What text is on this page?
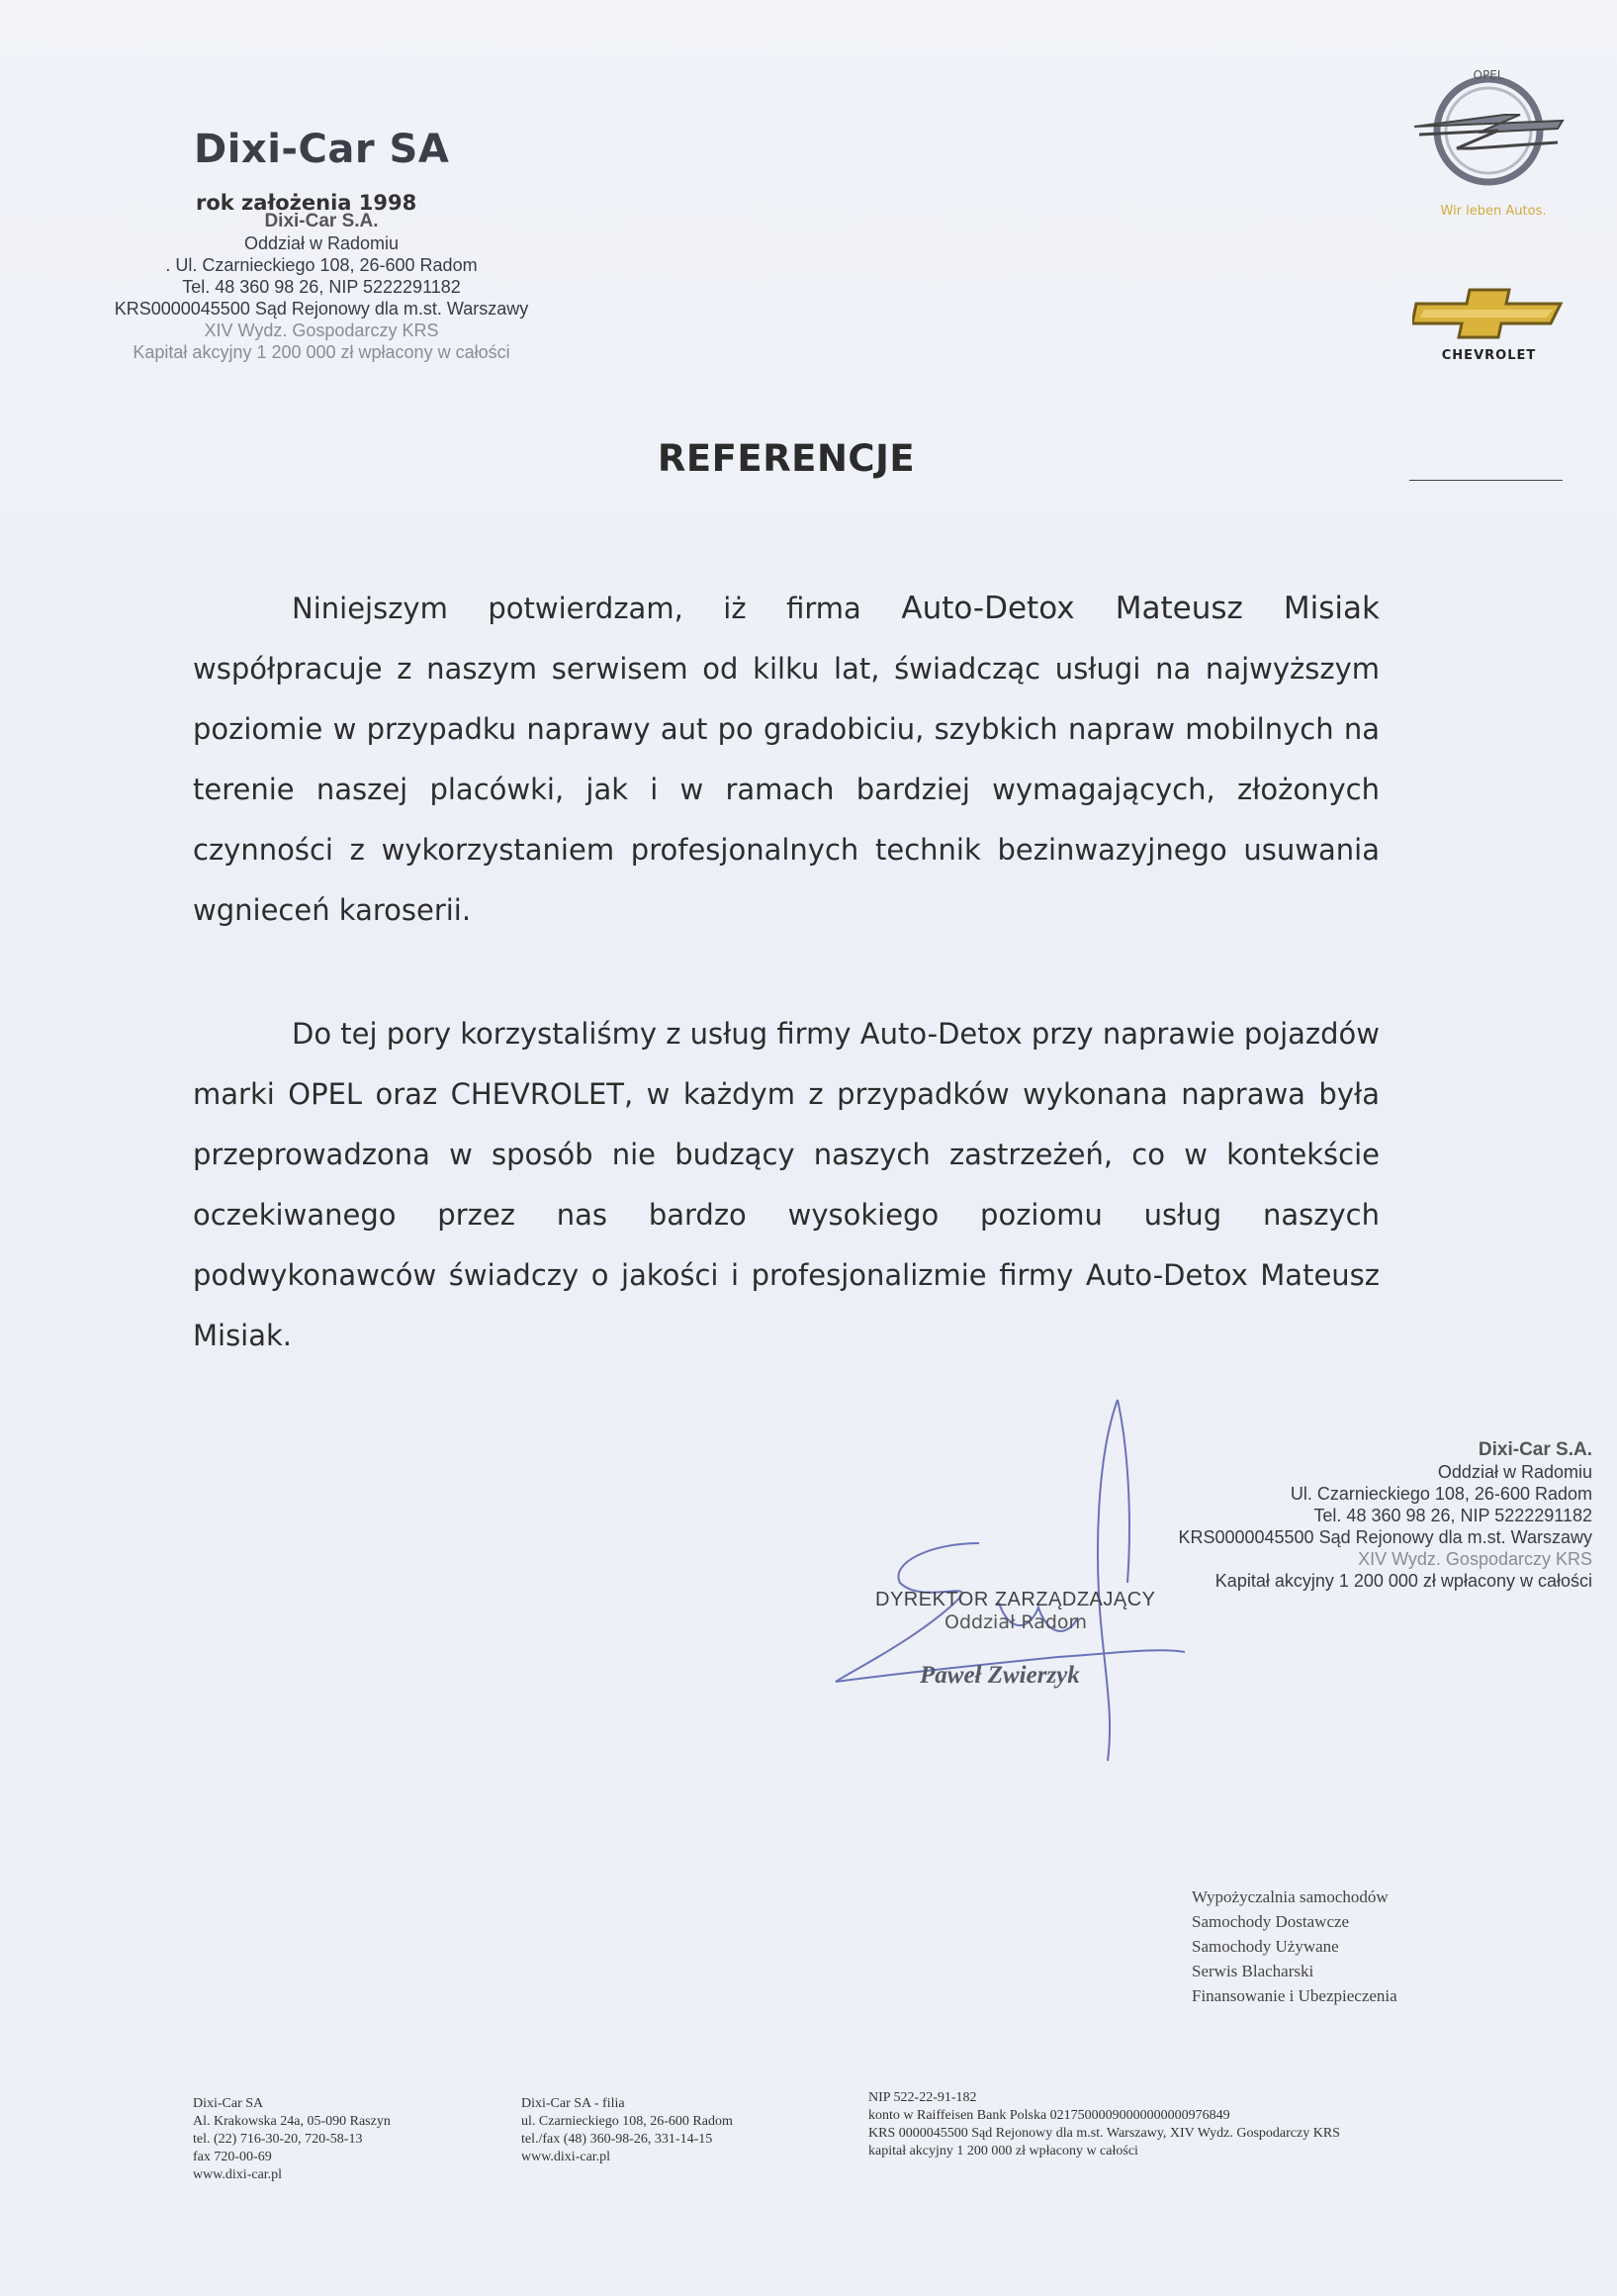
Dixi-Car SA
rok założenia 1998
Dixi-Car S.A.
Oddział w Radomiu
. Ul. Czarnieckiego 108, 26-600 Radom
Tel. 48 360 98 26, NIP 5222291182
KRS0000045500 Sąd Rejonowy dla m.st. Warszawy
XIV Wydz. Gospodarczy KRS
Kapitał akcyjny 1 200 000 zł wpłacony w całości
OPEL
Wir leben Autos.
CHEVROLET
REFERENCJE

Niniejszym potwierdzam, iż firma Auto-Detox Mateusz Misiak współpracuje z naszym serwisem od kilku lat, świadcząc usługi na najwyższym poziomie w przypadku naprawy aut po gradobiciu, szybkich napraw mobilnych na terenie naszej placówki, jak i w ramach bardziej wymagających, złożonych czynności z wykorzystaniem profesjonalnych technik bezinwazyjnego usuwania wgnieceń karoserii.

Do tej pory korzystaliśmy z usług firmy Auto-Detox przy naprawie pojazdów marki OPEL oraz CHEVROLET, w każdym z przypadków wykonana naprawa była przeprowadzona w sposób nie budzący naszych zastrzeżeń, co w kontekście oczekiwanego przez nas bardzo wysokiego poziomu usług naszych podwykonawców świadczy o jakości i profesjonalizmie firmy Auto-Detox Mateusz Misiak.

DYREKTOR ZARZĄDZAJĄCY
Oddział Radom
Paweł Zwierzyk
Dixi-Car S.A.
Oddział w Radomiu
Ul. Czarnieckiego 108, 26-600 Radom
Tel. 48 360 98 26, NIP 5222291182
KRS0000045500 Sąd Rejonowy dla m.st. Warszawy
XIV Wydz. Gospodarczy KRS
Kapitał akcyjny 1 200 000 zł wpłacony w całości
Wypożyczalnia samochodów
Samochody Dostawcze
Samochody Używane
Serwis Blacharski
Finansowanie i Ubezpieczenia
Dixi-Car SA
Al. Krakowska 24a, 05-090 Raszyn
tel. (22) 716-30-20, 720-58-13
fax 720-00-69
www.dixi-car.pl
Dixi-Car SA - filia
ul. Czarnieckiego 108, 26-600 Radom
tel./fax (48) 360-98-26, 331-14-15
www.dixi-car.pl
NIP 522-22-91-182
konto w Raiffeisen Bank Polska 02175000090000000000976849
KRS 0000045500 Sąd Rejonowy dla m.st. Warszawy, XIV Wydz. Gospodarczy KRS
kapitał akcyjny 1 200 000 zł wpłacony w całości
